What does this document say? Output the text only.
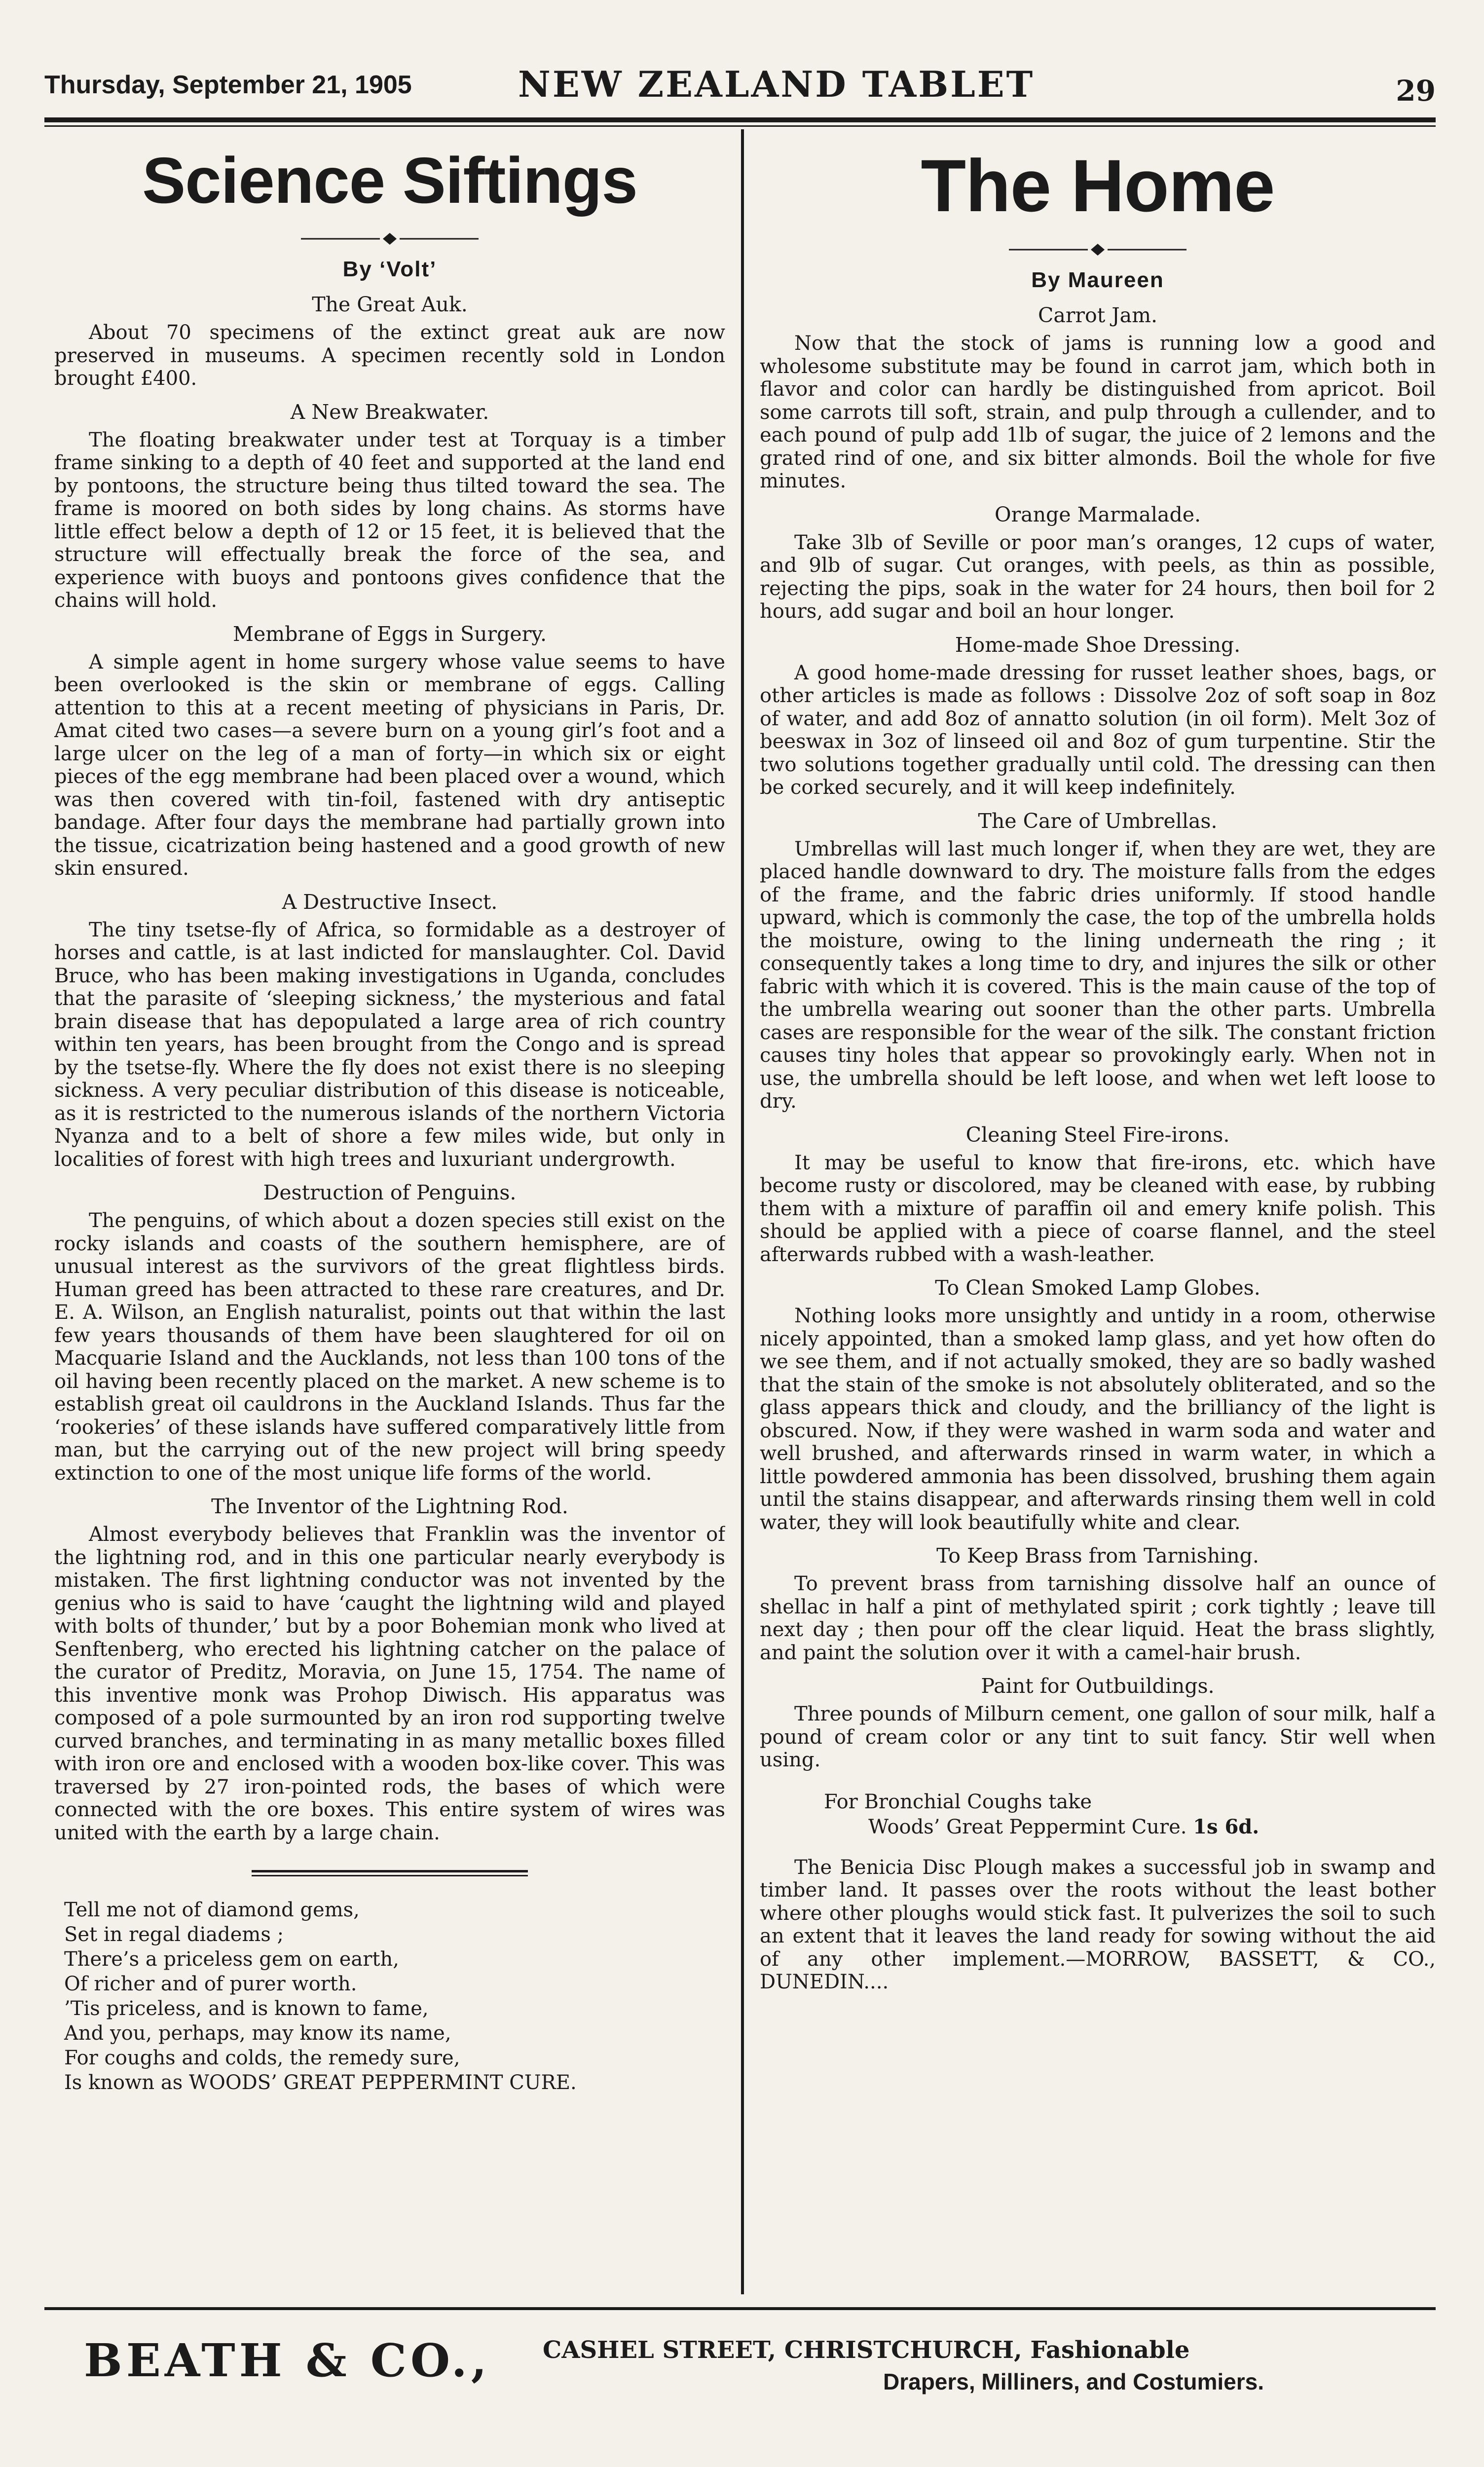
Thursday, September 21, 1905	NEW ZEALAND TABLET	29
Science Siftings
By ‘Volt’
The Great Auk.

About 70 specimens of the extinct great auk are now preserved in museums. A specimen recently sold in London brought £400.

A New Breakwater.

The floating breakwater under test at Torquay is a timber frame sinking to a depth of 40 feet and supported at the land end by pontoons, the structure being thus tilted toward the sea. The frame is moored on both sides by long chains. As storms have little effect below a depth of 12 or 15 feet, it is believed that the structure will effectually break the force of the sea, and experience with buoys and pontoons gives confidence that the chains will hold.

Membrane of Eggs in Surgery.

A simple agent in home surgery whose value seems to have been overlooked is the skin or membrane of eggs. Calling attention to this at a recent meeting of physicians in Paris, Dr. Amat cited two cases—a severe burn on a young girl’s foot and a large ulcer on the leg of a man of forty—in which six or eight pieces of the egg membrane had been placed over a wound, which was then covered with tin-foil, fastened with dry antiseptic bandage. After four days the membrane had partially grown into the tissue, cicatrization being hastened and a good growth of new skin ensured.

A Destructive Insect.

The tiny tsetse-fly of Africa, so formidable as a destroyer of horses and cattle, is at last indicted for manslaughter. Col. David Bruce, who has been making investigations in Uganda, concludes that the parasite of ‘sleeping sickness,’ the mysterious and fatal brain disease that has depopulated a large area of rich country within ten years, has been brought from the Congo and is spread by the tsetse-fly. Where the fly does not exist there is no sleeping sickness. A very peculiar distribution of this disease is noticeable, as it is restricted to the numerous islands of the northern Victoria Nyanza and to a belt of shore a few miles wide, but only in localities of forest with high trees and luxuriant undergrowth.

Destruction of Penguins.

The penguins, of which about a dozen species still exist on the rocky islands and coasts of the southern hemisphere, are of unusual interest as the survivors of the great flightless birds. Human greed has been attracted to these rare creatures, and Dr. E. A. Wilson, an English naturalist, points out that within the last few years thousands of them have been slaughtered for oil on Macquarie Island and the Aucklands, not less than 100 tons of the oil having been recently placed on the market. A new scheme is to establish great oil cauldrons in the Auckland Islands. Thus far the ‘rookeries’ of these islands have suffered comparatively little from man, but the carrying out of the new project will bring speedy extinction to one of the most unique life forms of the world.

The Inventor of the Lightning Rod.

Almost everybody believes that Franklin was the inventor of the lightning rod, and in this one particular nearly everybody is mistaken. The first lightning conductor was not invented by the genius who is said to have ‘caught the lightning wild and played with bolts of thunder,’ but by a poor Bohemian monk who lived at Senftenberg, who erected his lightning catcher on the palace of the curator of Preditz, Moravia, on June 15, 1754. The name of this inventive monk was Prohop Diwisch. His apparatus was composed of a pole surmounted by an iron rod supporting twelve curved branches, and terminating in as many metallic boxes filled with iron ore and enclosed with a wooden box-like cover. This was traversed by 27 iron-pointed rods, the bases of which were connected with the ore boxes. This entire system of wires was united with the earth by a large chain.

Tell me not of diamond gems,

Set in regal diadems ;

There’s a priceless gem on earth,

Of richer and of purer worth.

’Tis priceless, and is known to fame,

And you, perhaps, may know its name,

For coughs and colds, the remedy sure,

Is known as WOODS’ GREAT PEPPERMINT CURE.

The Home
By Maureen
Carrot Jam.

Now that the stock of jams is running low a good and wholesome substitute may be found in carrot jam, which both in flavor and color can hardly be distinguished from apricot. Boil some carrots till soft, strain, and pulp through a cullender, and to each pound of pulp add 1lb of sugar, the juice of 2 lemons and the grated rind of one, and six bitter almonds. Boil the whole for five minutes.

Orange Marmalade.

Take 3lb of Seville or poor man’s oranges, 12 cups of water, and 9lb of sugar. Cut oranges, with peels, as thin as possible, rejecting the pips, soak in the water for 24 hours, then boil for 2 hours, add sugar and boil an hour longer.

Home-made Shoe Dressing.

A good home-made dressing for russet leather shoes, bags, or other articles is made as follows : Dissolve 2oz of soft soap in 8oz of water, and add 8oz of annatto solution (in oil form). Melt 3oz of beeswax in 3oz of linseed oil and 8oz of gum turpentine. Stir the two solutions together gradually until cold. The dressing can then be corked securely, and it will keep indefinitely.

The Care of Umbrellas.

Umbrellas will last much longer if, when they are wet, they are placed handle downward to dry. The moisture falls from the edges of the frame, and the fabric dries uniformly. If stood handle upward, which is commonly the case, the top of the umbrella holds the moisture, owing to the lining underneath the ring ; it consequently takes a long time to dry, and injures the silk or other fabric with which it is covered. This is the main cause of the top of the umbrella wearing out sooner than the other parts. Umbrella cases are responsible for the wear of the silk. The constant friction causes tiny holes that appear so provokingly early. When not in use, the umbrella should be left loose, and when wet left loose to dry.

Cleaning Steel Fire-irons.

It may be useful to know that fire-irons, etc. which have become rusty or discolored, may be cleaned with ease, by rubbing them with a mixture of paraffin oil and emery knife polish. This should be applied with a piece of coarse flannel, and the steel afterwards rubbed with a wash-leather.

To Clean Smoked Lamp Globes.

Nothing looks more unsightly and untidy in a room, otherwise nicely appointed, than a smoked lamp glass, and yet how often do we see them, and if not actually smoked, they are so badly washed that the stain of the smoke is not absolutely obliterated, and so the glass appears thick and cloudy, and the brilliancy of the light is obscured. Now, if they were washed in warm soda and water and well brushed, and afterwards rinsed in warm water, in which a little powdered ammonia has been dissolved, brushing them again until the stains disappear, and afterwards rinsing them well in cold water, they will look beautifully white and clear.

To Keep Brass from Tarnishing.

To prevent brass from tarnishing dissolve half an ounce of shellac in half a pint of methylated spirit ; cork tightly ; leave till next day ; then pour off the clear liquid. Heat the brass slightly, and paint the solution over it with a camel-hair brush.

Paint for Outbuildings.

Three pounds of Milburn cement, one gallon of sour milk, half a pound of cream color or any tint to suit fancy. Stir well when using.

For Bronchial Coughs take
Woods’ Great Peppermint Cure. 1s 6d.

The Benicia Disc Plough makes a successful job in swamp and timber land. It passes over the roots without the least bother where other ploughs would stick fast. It pulverizes the soil to such an extent that it leaves the land ready for sowing without the aid of any other implement.—MORROW, BASSETT, & CO., DUNEDIN....

BEATH & CO., CASHEL STREET, CHRISTCHURCH, Fashionable
Drapers, Milliners, and Costumiers.
